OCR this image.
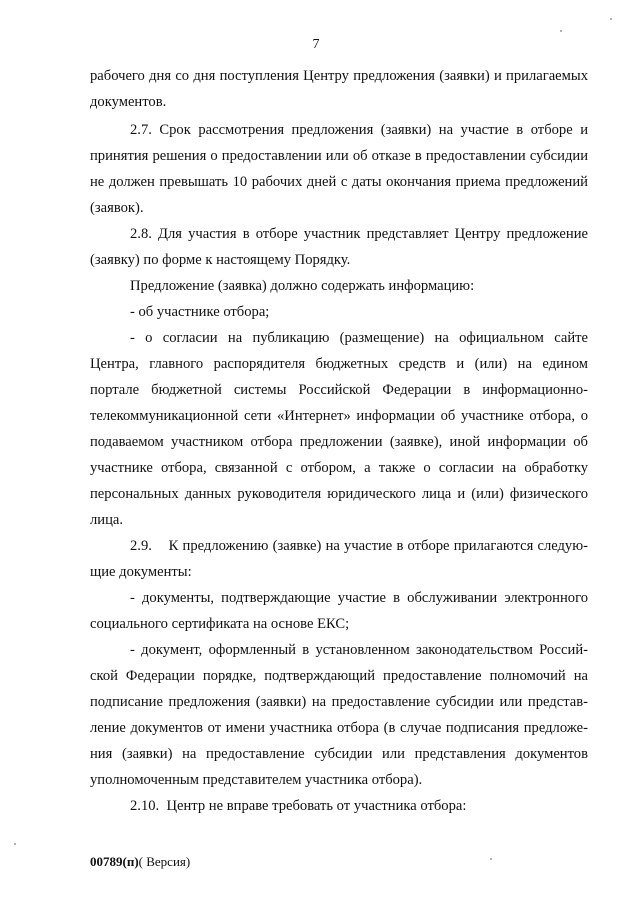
7
рабочего дня со дня поступления Центру предложения (заявки) и прилагаемых
документов.
2.7. Срок рассмотрения предложения (заявки) на участие в отборе и
принятия решения о предоставлении или об отказе в предоставлении субсидии
не должен превышать 10 рабочих дней с даты окончания приема предложений
(заявок).
2.8. Для участия в отборе участник представляет Центру предложение
(заявку) по форме к настоящему Порядку.
Предложение (заявка) должно содержать информацию:
- об участнике отбора;
- о согласии на публикацию (размещение) на официальном сайте
Центра, главного распорядителя бюджетных средств и (или) на едином
портале бюджетной системы Российской Федерации в информационно-
телекоммуникационной сети «Интернет» информации об участнике отбора, о
подаваемом участником отбора предложении (заявке), иной информации об
участнике отбора, связанной с отбором, а также о согласии на обработку
персональных данных руководителя юридического лица и (или) физического
лица.
2.9.    К предложению (заявке) на участие в отборе прилагаются следую-
щие документы:
- документы, подтверждающие участие в обслуживании электронного
социального сертификата на основе ЕКС;
- документ, оформленный в установленном законодательством Россий-
ской Федерации порядке, подтверждающий предоставление полномочий на
подписание предложения (заявки) на предоставление субсидии или представ-
ление документов от имени участника отбора (в случае подписания предложе-
ния (заявки) на предоставление субсидии или представления документов
уполномоченным представителем участника отбора).
2.10.  Центр не вправе требовать от участника отбора:
00789(п)( Версия)
